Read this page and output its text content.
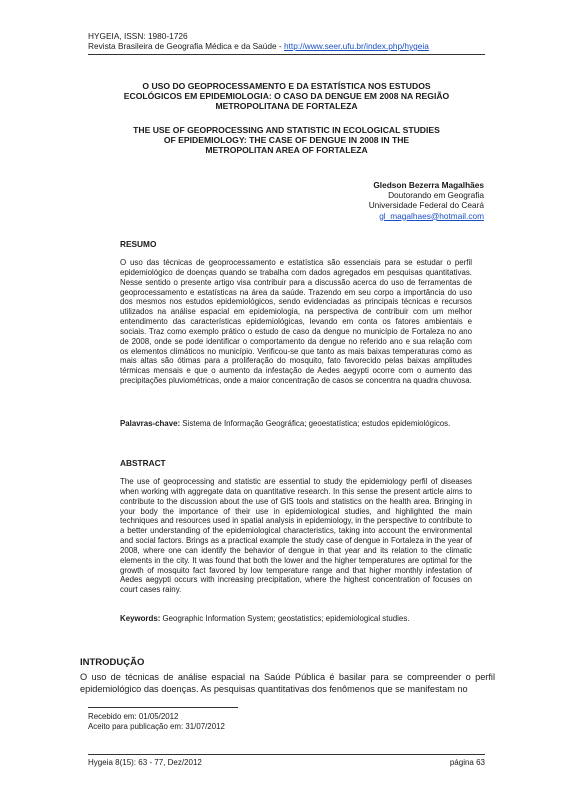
HYGEIA, ISSN: 1980-1726
Revista Brasileira de Geografia Médica e da Saúde - http://www.seer.ufu.br/index.php/hygeia
O USO DO GEOPROCESSAMENTO E DA ESTATÍSTICA NOS ESTUDOS
ECOLÓGICOS EM EPIDEMIOLOGIA: O CASO DA DENGUE EM 2008 NA REGIÃO
METROPOLITANA DE FORTALEZA
THE USE OF GEOPROCESSING AND STATISTIC IN ECOLOGICAL STUDIES
OF EPIDEMIOLOGY: THE CASE OF DENGUE IN 2008 IN THE
METROPOLITAN AREA OF FORTALEZA
Gledson Bezerra Magalhães
Doutorando em Geografia
Universidade Federal do Ceará
gl_magalhaes@hotmail.com
RESUMO
O uso das técnicas de geoprocessamento e estatística são essenciais para se estudar o perfil epidemiológico de doenças quando se trabalha com dados agregados em pesquisas quantitativas. Nesse sentido o presente artigo visa contribuir para a discussão acerca do uso de ferramentas de geoprocessamento e estatísticas na área da saúde. Trazendo em seu corpo a importância do uso dos mesmos nos estudos epidemiológicos, sendo evidenciadas as principais técnicas e recursos utilizados na análise espacial em epidemiologia, na perspectiva de contribuir com um melhor entendimento das características epidemiológicas, levando em conta os fatores ambientais e sociais. Traz como exemplo prático o estudo de caso da dengue no município de Fortaleza no ano de 2008, onde se pode identificar o comportamento da dengue no referido ano e sua relação com os elementos climáticos no município. Verificou-se que tanto as mais baixas temperaturas como as mais altas são ótimas para a proliferação do mosquito, fato favorecido pelas baixas amplitudes térmicas mensais e que o aumento da infestação de Aedes aegypti ocorre com o aumento das precipitações pluviométricas, onde a maior concentração de casos se concentra na quadra chuvosa.
Palavras-chave: Sistema de Informação Geográfica; geoestatística; estudos epidemiológicos.
ABSTRACT
The use of geoprocessing and statistic are essential to study the epidemiology perfil of diseases when working with aggregate data on quantitative research. In this sense the present article aims to contribute to the discussion about the use of GIS tools and statistics on the health area. Bringing in your body the importance of their use in epidemiological studies, and highlighted the main techniques and resources used in spatial analysis in epidemiology, in the perspective to contribute to a better understanding of the epidemiological characteristics, taking into account the environmental and social factors. Brings as a practical example the study case of dengue in Fortaleza in the year of 2008, where one can identify the behavior of dengue in that year and its relation to the climatic elements in the city. It was found that both the lower and the higher temperatures are optimal for the growth of mosquito fact favored by low temperature range and that higher monthly infestation of Aedes aegypti occurs with increasing precipitation, where the highest concentration of focuses on court cases rainy.
Keywords: Geographic Information System; geostatistics; epidemiological studies.
INTRODUÇÃO
O uso de técnicas de análise espacial na Saúde Pública é basilar para se compreender o perfil epidemiológico das doenças. As pesquisas quantitativas dos fenômenos que se manifestam no
Recebido em: 01/05/2012
Aceito para publicação em: 31/07/2012
Hygeia 8(15): 63 - 77, Dez/2012	página 63
